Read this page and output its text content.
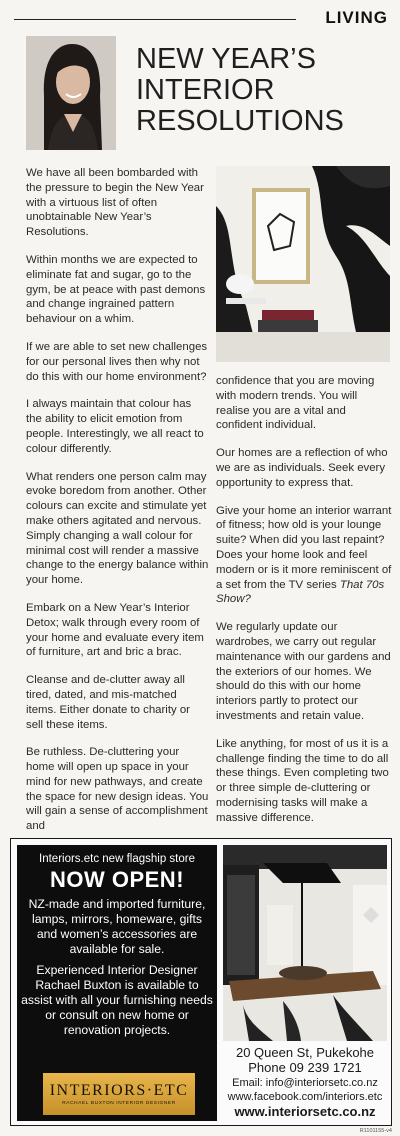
LIVING
NEW YEAR’S
INTERIOR
RESOLUTIONS

We have all been bombarded with the pressure to begin the New Year with a virtuous list of often unobtainable New Year’s Resolutions.

Within months we are expected to eliminate fat and sugar, go to the gym, be at peace with past demons and change ingrained pattern behaviour on a whim.

If we are able to set new challenges for our personal lives then why not do this with our home environment?

I always maintain that colour has the ability to elicit emotion from people. Interestingly, we all react to colour differently.

What renders one person calm may evoke boredom from another. Other colours can excite and stimulate yet make others agitated and nervous. Simply changing a wall colour for minimal cost will render a massive change to the energy balance within your home.

Embark on a New Year’s Interior Detox; walk through every room of your home and evaluate every item of furniture, art and bric a brac.

Cleanse and de-clutter away all tired, dated, and mis-matched items. Either donate to charity or sell these items.

Be ruthless. De-cluttering your home will open up space in your mind for new pathways, and create the space for new design ideas. You will gain a sense of accomplishment and

confidence that you are moving with modern trends. You will realise you are a vital and confident individual.

Our homes are a reflection of who we are as individuals. Seek every opportunity to express that.

Give your home an interior warrant of fitness; how old is your lounge suite? When did you last repaint? Does your home look and feel modern or is it more reminiscent of a set from the TV series That 70s Show?

We regularly update our wardrobes, we carry out regular maintenance with our gardens and the exteriors of our homes. We should do this with our home interiors partly to protect our investments and retain value.

Like anything, for most of us it is a challenge finding the time to do all these things. Even completing two or three simple de-cluttering or modernising tasks will make a massive difference.

Interiors.etc new flagship store
NOW OPEN!
NZ-made and imported furniture, lamps, mirrors, homeware, gifts and women’s accessories are available for sale.
Experienced Interior Designer Rachael Buxton is available to assist with all your furnishing needs or consult on new home or renovation projects.
INTERIORS·ETC
RACHAEL BUXTON INTERIOR DESIGNER
20 Queen St, Pukekohe
Phone 09 239 1721
Email: info@interiorsetc.co.nz
www.facebook.com/interiors.etc
www.interiorsetc.co.nz
R1101155-v4
